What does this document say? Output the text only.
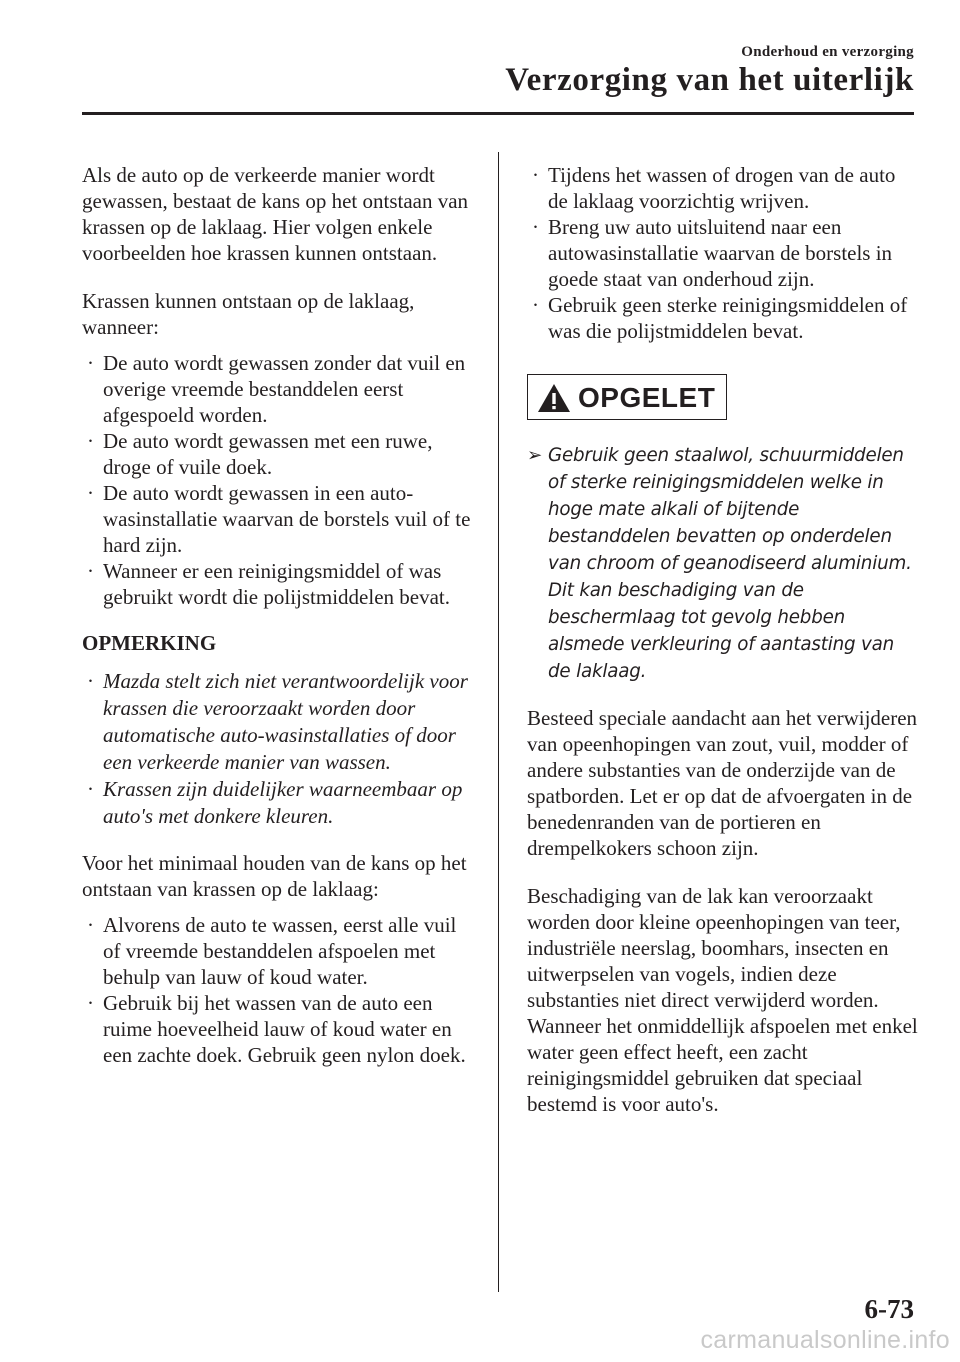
Onderhoud en verzorging
Verzorging van het uiterlijk

Als de auto op de verkeerde manier wordt gewassen, bestaat de kans op het ontstaan van krassen op de laklaag. Hier volgen enkele voorbeelden hoe krassen kunnen ontstaan.

Krassen kunnen ontstaan op de laklaag, wanneer:

· De auto wordt gewassen zonder dat vuil en overige vreemde bestanddelen eerst afgespoeld worden.
· De auto wordt gewassen met een ruwe, droge of vuile doek.
· De auto wordt gewassen in een auto-wasinstallatie waarvan de borstels vuil of te hard zijn.
· Wanneer er een reinigingsmiddel of was gebruikt wordt die polijstmiddelen bevat.
OPMERKING
· Mazda stelt zich niet verantwoordelijk voor krassen die veroorzaakt worden door automatische auto-wasinstallaties of door een verkeerde manier van wassen.
· Krassen zijn duidelijker waarneembaar op auto's met donkere kleuren.

Voor het minimaal houden van de kans op het ontstaan van krassen op de laklaag:

· Alvorens de auto te wassen, eerst alle vuil of vreemde bestanddelen afspoelen met behulp van lauw of koud water.
· Gebruik bij het wassen van de auto een ruime hoeveelheid lauw of koud water en een zachte doek. Gebruik geen nylon doek.
· Tijdens het wassen of drogen van de auto de laklaag voorzichtig wrijven.
· Breng uw auto uitsluitend naar een autowasinstallatie waarvan de borstels in goede staat van onderhoud zijn.
· Gebruik geen sterke reinigingsmiddelen of was die polijstmiddelen bevat.
OPGELET
➢ Gebruik geen staalwol, schuurmiddelen of sterke reinigingsmiddelen welke in hoge mate alkali of bijtende bestanddelen bevatten op onderdelen van chroom of geanodiseerd aluminium. Dit kan beschadiging van de beschermlaag tot gevolg hebben alsmede verkleuring of aantasting van de laklaag.

Besteed speciale aandacht aan het verwijderen van opeenhopingen van zout, vuil, modder of andere substanties van de onderzijde van de spatborden. Let er op dat de afvoergaten in de benedenranden van de portieren en drempelkokers schoon zijn.

Beschadiging van de lak kan veroorzaakt worden door kleine opeenhopingen van teer, industriële neerslag, boomhars, insecten en uitwerpselen van vogels, indien deze substanties niet direct verwijderd worden. Wanneer het onmiddellijk afspoelen met enkel water geen effect heeft, een zacht reinigingsmiddel gebruiken dat speciaal bestemd is voor auto's.

6-73
carmanualsonline.info
